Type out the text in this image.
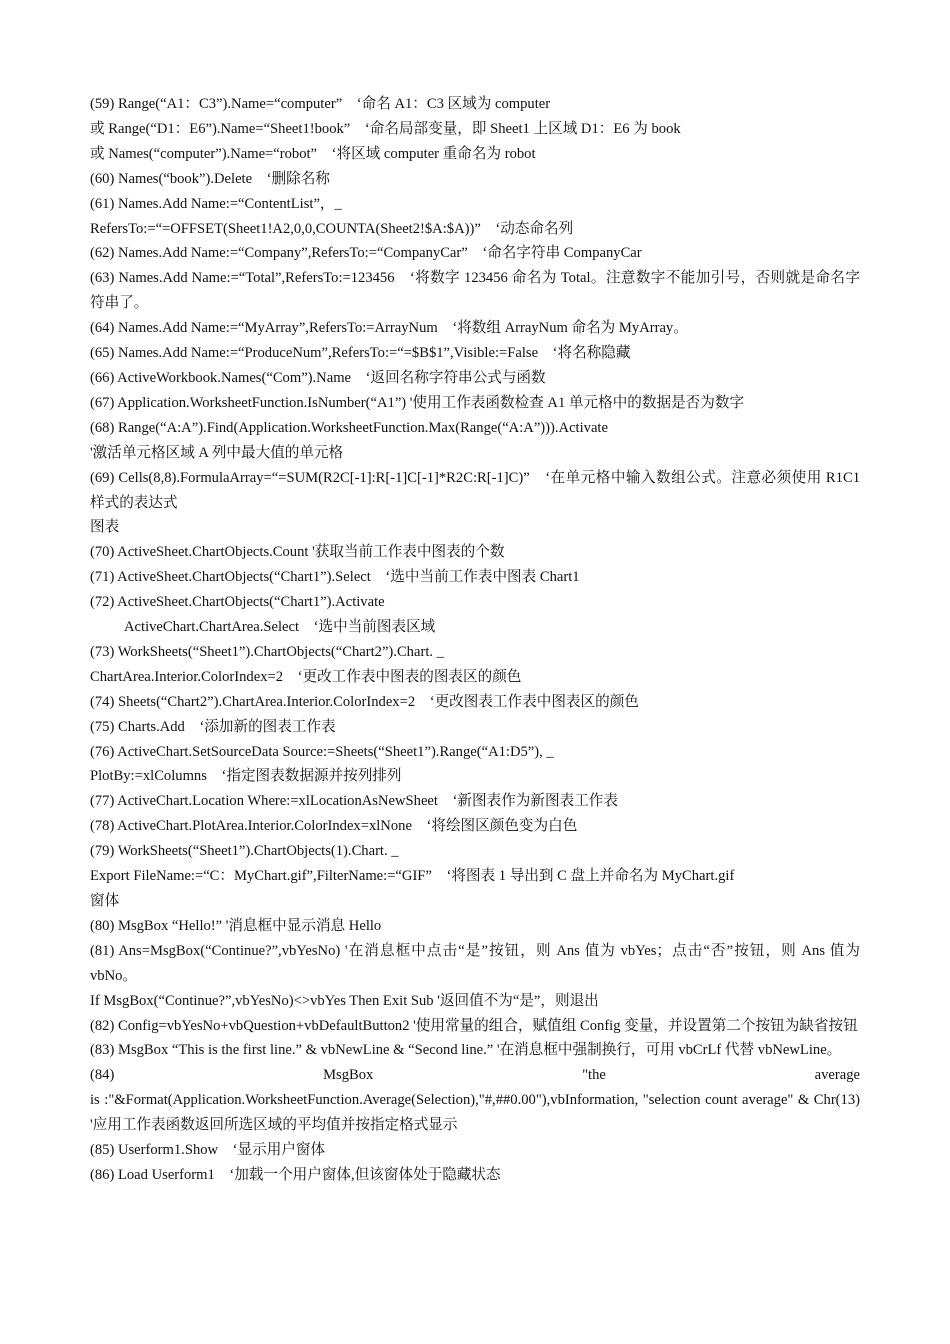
(59) Range(“A1：C3”).Name=“computer”　‘命名 A1：C3 区域为 computer
或 Range(“D1：E6”).Name=“Sheet1!book”　‘命名局部变量，即 Sheet1 上区域 D1：E6 为 book
或 Names(“computer”).Name=“robot”　‘将区域 computer 重命名为 robot
(60) Names(“book”).Delete　‘删除名称
(61) Names.Add Name:=“ContentList”，_
RefersTo:=“=OFFSET(Sheet1!A2,0,0,COUNTA(Sheet2!$A:$A))”　‘动态命名列
(62) Names.Add Name:=“Company”,RefersTo:=“CompanyCar”　‘命名字符串 CompanyCar
(63) Names.Add Name:=“Total”,RefersTo:=123456　‘将数字 123456 命名为 Total。注意数字不能加引号，否则就是命名字符串了。
(64) Names.Add Name:=“MyArray”,RefersTo:=ArrayNum　‘将数组 ArrayNum 命名为 MyArray。
(65) Names.Add Name:=“ProduceNum”,RefersTo:=“=$B$1”,Visible:=False　‘将名称隐藏
(66) ActiveWorkbook.Names(“Com”).Name　‘返回名称字符串公式与函数
(67) Application.WorksheetFunction.IsNumber(“A1”) '使用工作表函数检查 A1 单元格中的数据是否为数字
(68) Range(“A:A”).Find(Application.WorksheetFunction.Max(Range(“A:A”))).Activate
'激活单元格区域 A 列中最大值的单元格
(69) Cells(8,8).FormulaArray=“=SUM(R2C[-1]:R[-1]C[-1]*R2C:R[-1]C)”　‘在单元格中输入数组公式。注意必须使用 R1C1 样式的表达式
图表
(70) ActiveSheet.ChartObjects.Count '获取当前工作表中图表的个数
(71) ActiveSheet.ChartObjects(“Chart1”).Select　‘选中当前工作表中图表 Chart1
(72) ActiveSheet.ChartObjects(“Chart1”).Activate
ActiveChart.ChartArea.Select　‘选中当前图表区域
(73) WorkSheets(“Sheet1”).ChartObjects(“Chart2”).Chart. _
ChartArea.Interior.ColorIndex=2　‘更改工作表中图表的图表区的颜色
(74) Sheets(“Chart2”).ChartArea.Interior.ColorIndex=2　‘更改图表工作表中图表区的颜色
(75) Charts.Add　‘添加新的图表工作表
(76) ActiveChart.SetSourceData Source:=Sheets(“Sheet1”).Range(“A1:D5”), _
PlotBy:=xlColumns　‘指定图表数据源并按列排列
(77) ActiveChart.Location Where:=xlLocationAsNewSheet　‘新图表作为新图表工作表
(78) ActiveChart.PlotArea.Interior.ColorIndex=xlNone　‘将绘图区颜色变为白色
(79) WorkSheets(“Sheet1”).ChartObjects(1).Chart. _
Export FileName:=“C：MyChart.gif”,FilterName:=“GIF”　‘将图表 1 导出到 C 盘上并命名为 MyChart.gif
窗体
(80) MsgBox “Hello!” '消息框中显示消息 Hello
(81) Ans=MsgBox(“Continue?”,vbYesNo) '在消息框中点击“是”按钮，则 Ans 值为 vbYes；点击“否”按钮，则 Ans 值为 vbNo。
If MsgBox(“Continue?”,vbYesNo)<>vbYes Then Exit Sub '返回值不为“是”，则退出
(82) Config=vbYesNo+vbQuestion+vbDefaultButton2 '使用常量的组合，赋值组 Config 变量，并设置第二个按钮为缺省按钮
(83) MsgBox “This is the first line.” & vbNewLine & “Second line.” '在消息框中强制换行，可用 vbCrLf 代替 vbNewLine。
(84)	MsgBox	"the	average
is :"&Format(Application.WorksheetFunction.Average(Selection),"#,##0.00"),vbInformation, "selection count average" & Chr(13) '应用工作表函数返回所选区域的平均值并按指定格式显示
(85) Userform1.Show　‘显示用户窗体
(86) Load Userform1　‘加载一个用户窗体,但该窗体处于隐藏状态
